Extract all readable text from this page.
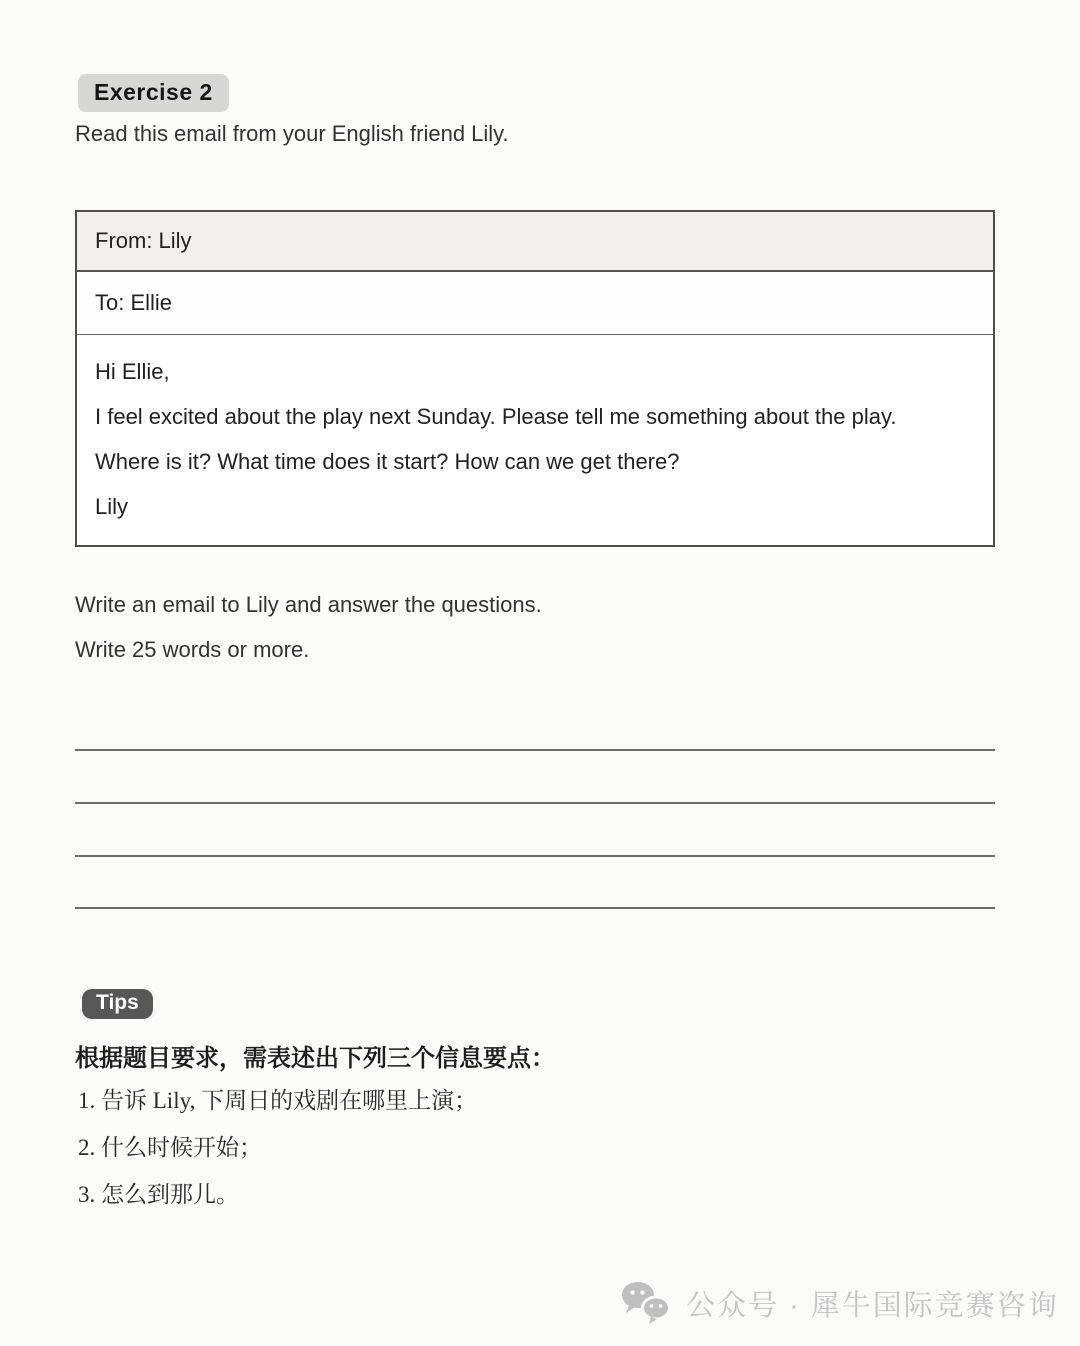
Exercise 2
Read this email from your English friend Lily.
From: Lily
To: Ellie
Hi Ellie,
I feel excited about the play next Sunday. Please tell me something about the play.
Where is it? What time does it start? How can we get there?
Lily
Write an email to Lily and answer the questions.
Write 25 words or more.
Tips
根据题目要求，需表述出下列三个信息要点：
1. 告诉 Lily, 下周日的戏剧在哪里上演；
2. 什么时候开始；
3. 怎么到那儿。
公众号 · 犀牛国际竞赛咨询
